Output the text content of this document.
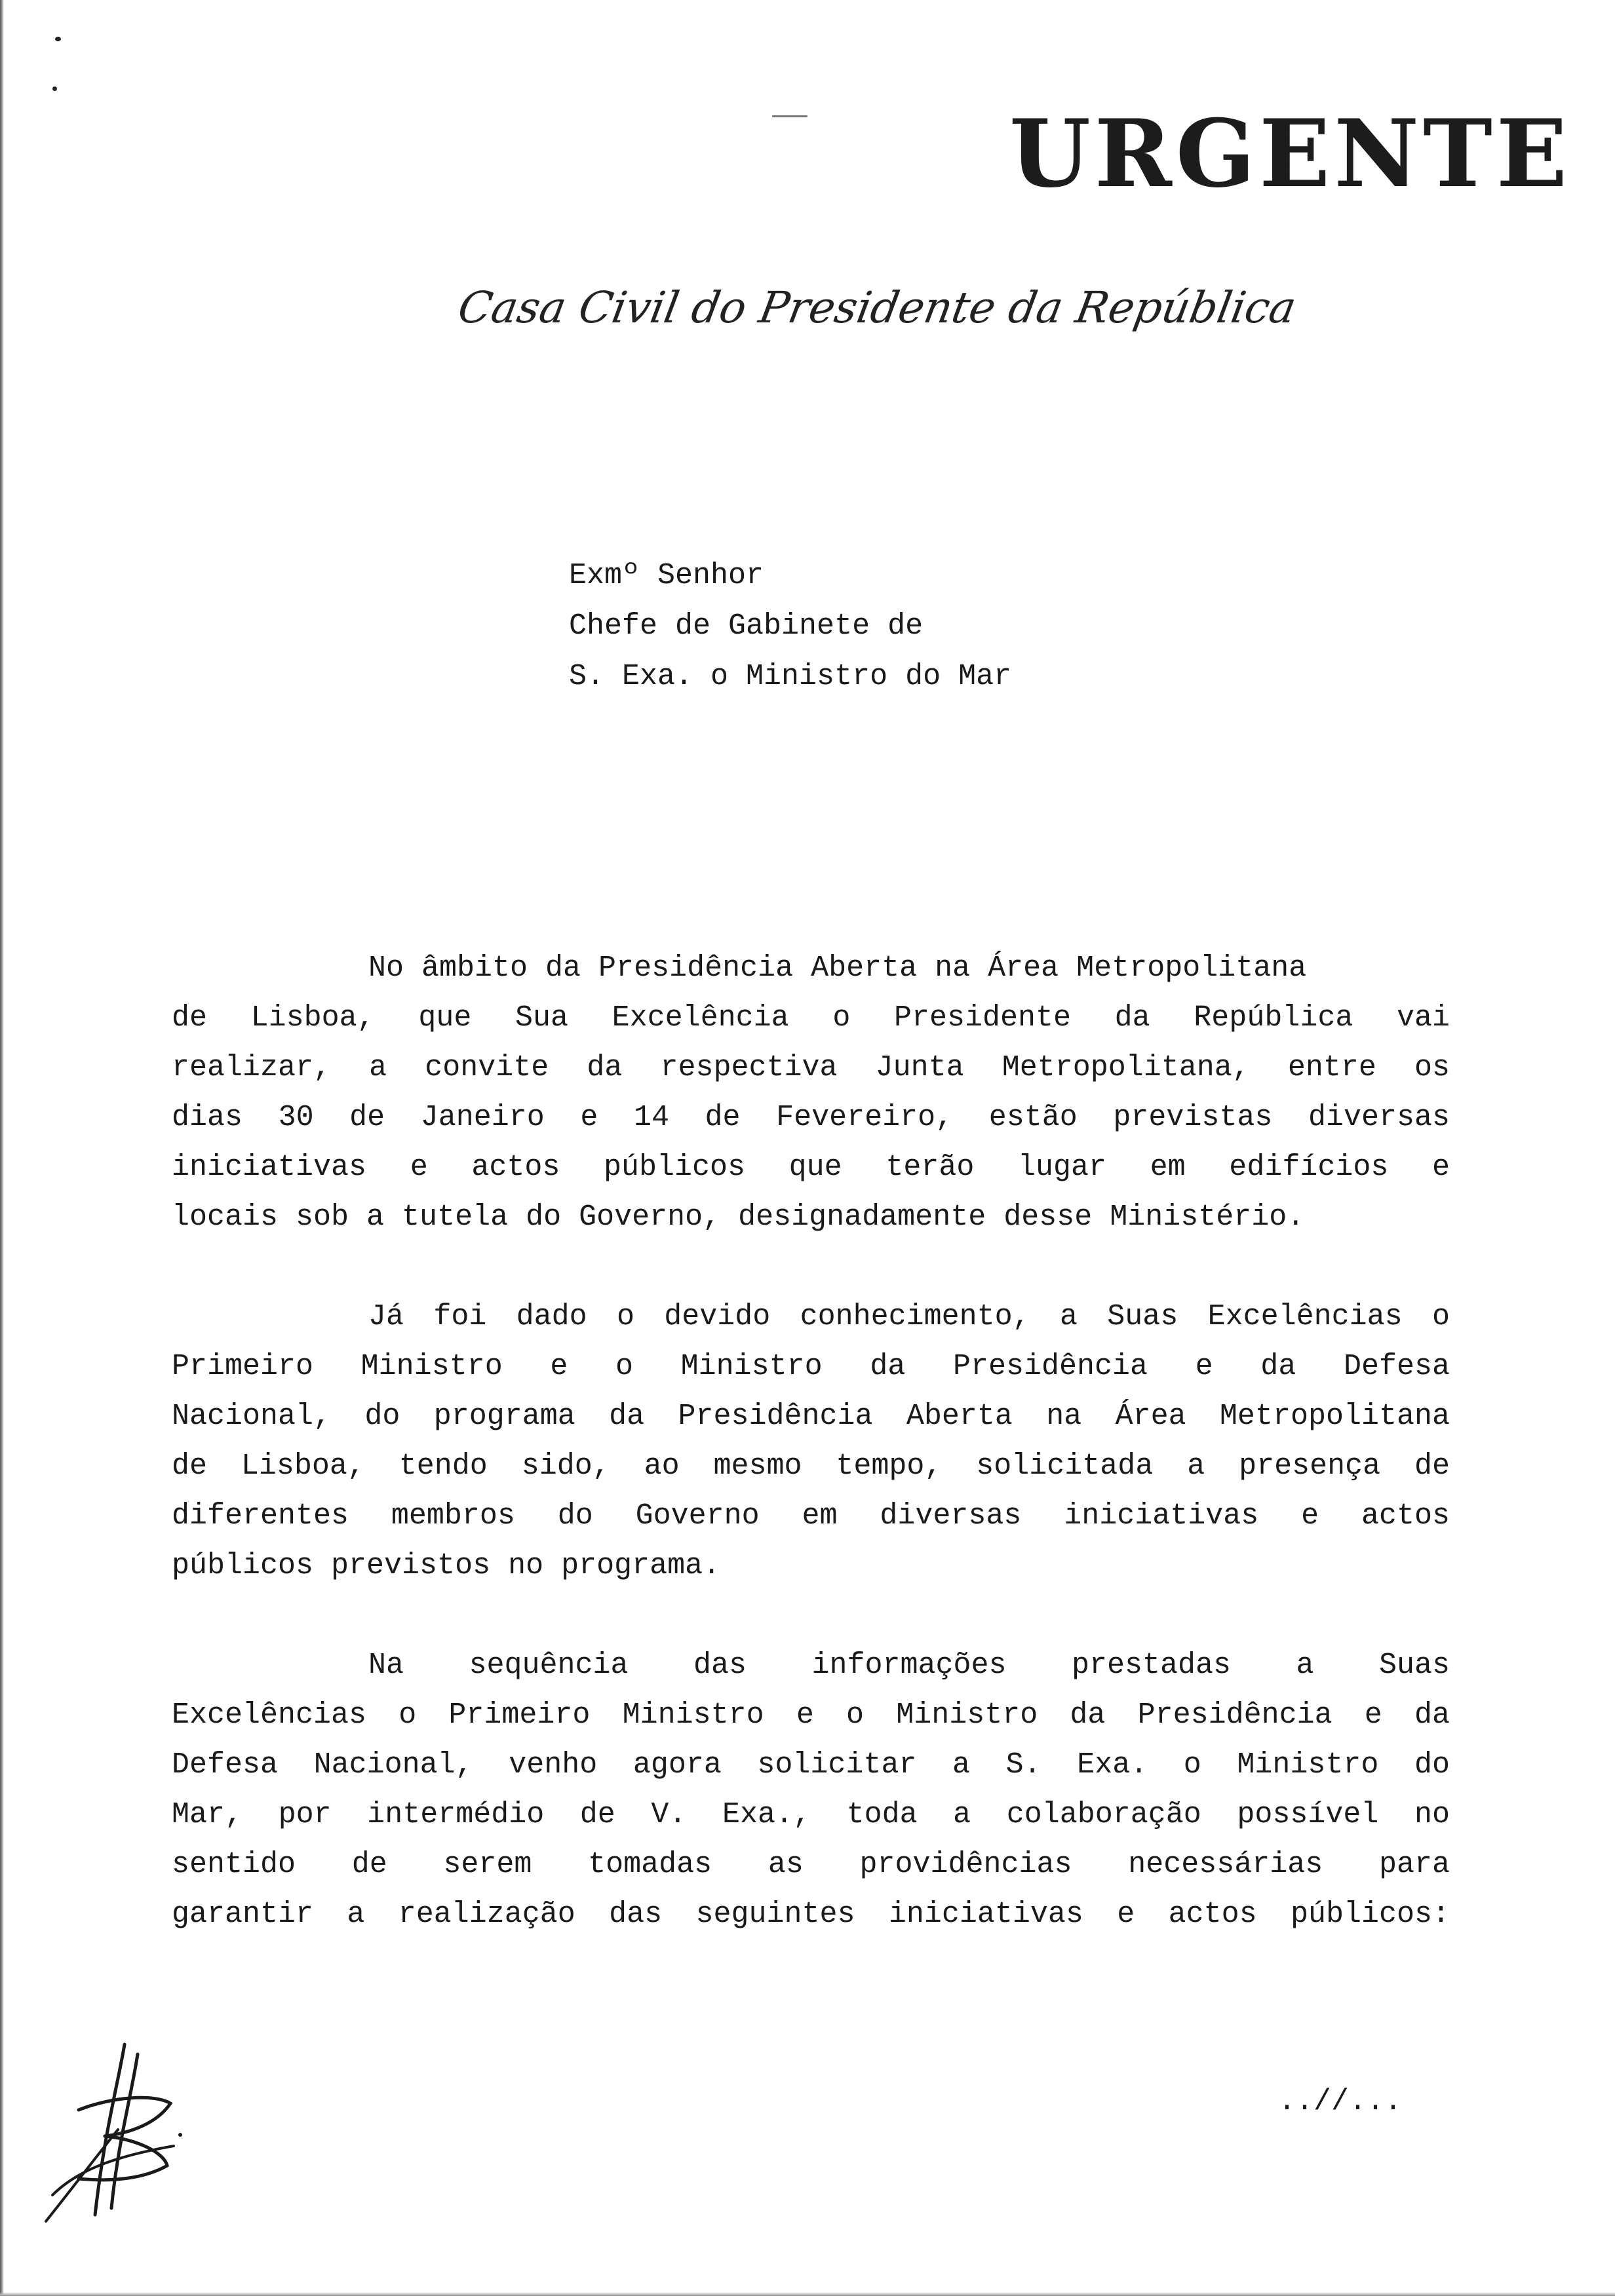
URGENTE
Casa Civil do Presidente da República
Exmº Senhor
Chefe de Gabinete de
S. Exa. o Ministro do Mar
No âmbito da Presidência Aberta na Área Metropolitana
de Lisboa, que Sua Excelência o Presidente da República vai
realizar, a convite da respectiva Junta Metropolitana, entre os
dias 30 de Janeiro e 14 de Fevereiro, estão previstas diversas
iniciativas e actos públicos que terão lugar em edifícios e
locais sob a tutela do Governo, designadamente desse Ministério.
Já foi dado o devido conhecimento, a Suas Excelências o
Primeiro Ministro e o Ministro da Presidência e da Defesa
Nacional, do programa da Presidência Aberta na Área Metropolitana
de Lisboa, tendo sido, ao mesmo tempo, solicitada a presença de
diferentes membros do Governo em diversas iniciativas e actos
públicos previstos no programa.
Na sequência das informações prestadas a Suas
Excelências o Primeiro Ministro e o Ministro da Presidência e da
Defesa Nacional, venho agora solicitar a S. Exa. o Ministro do
Mar, por intermédio de V. Exa., toda a colaboração possível no
sentido de serem tomadas as providências necessárias para
garantir a realização das seguintes iniciativas e actos públicos:
..//...
